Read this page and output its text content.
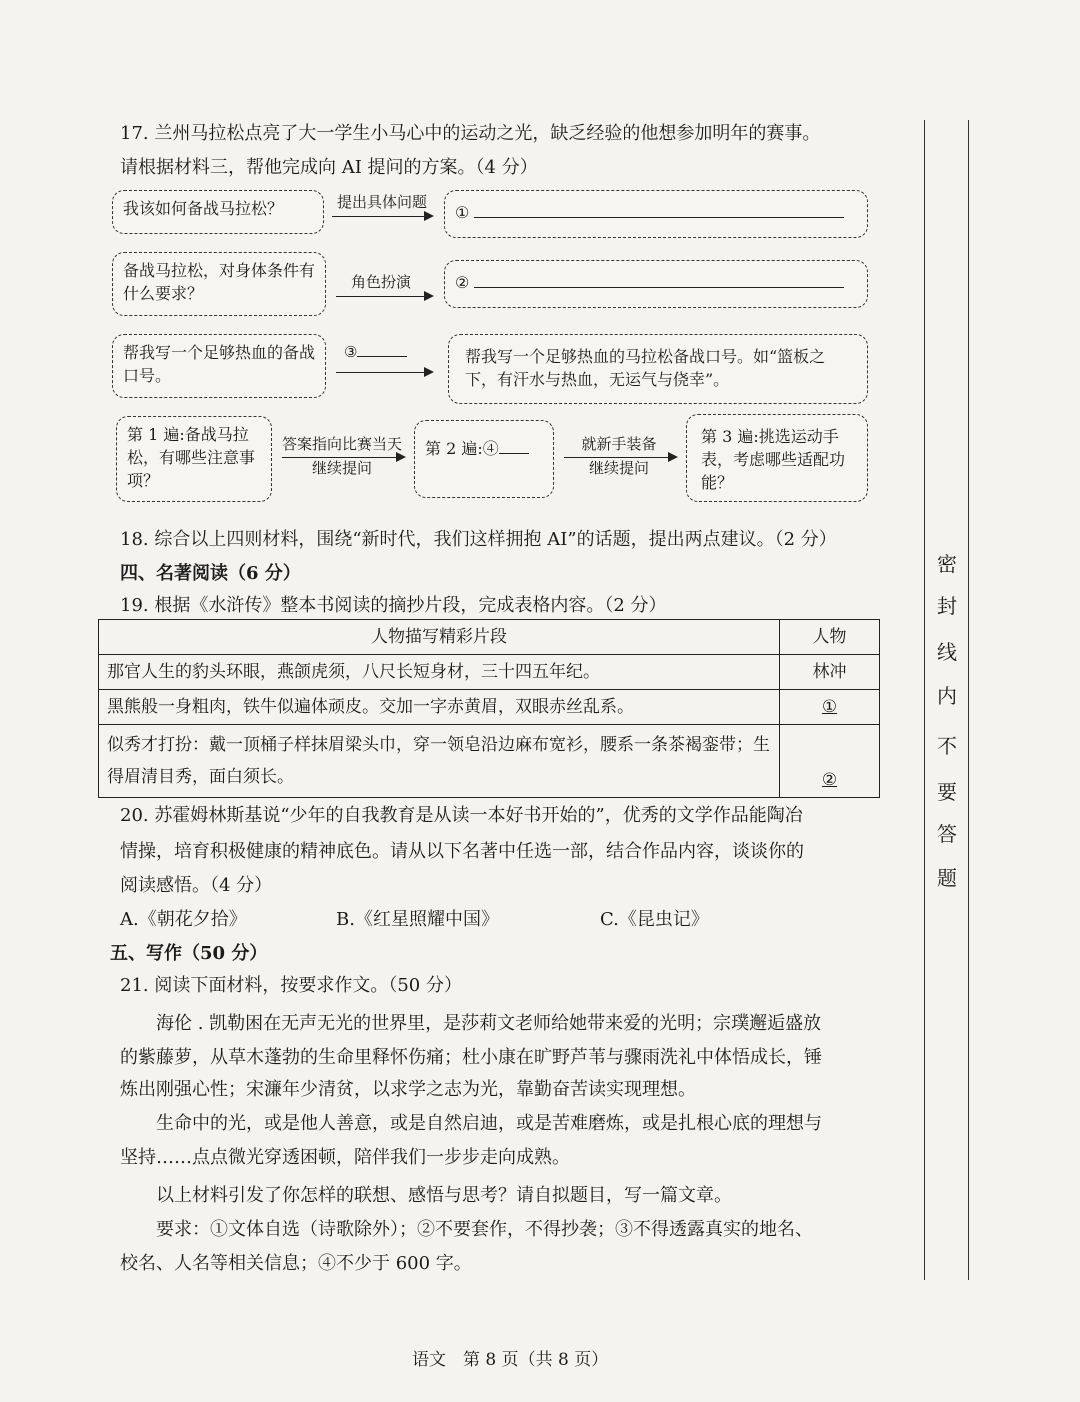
17. 兰州马拉松点亮了大一学生小马心中的运动之光，缺乏经验的他想参加明年的赛事。
请根据材料三，帮他完成向 AI 提问的方案。（4 分）
我该如何备战马拉松？	提出具体问题
①
备战马拉松，对身体条件有什么要求？
角色扮演	②
帮我写一个足够热血的备战口号。
③	帮我写一个足够热血的马拉松备战口号。如“篮板之下，有汗水与热血，无运气与侥幸”。
第 1 遍:备战马拉松，有哪些注意事项？
答案指向比赛当天
继续提问
第 2 遍:④	就新手装备
继续提问
第 3 遍:挑选运动手表，考虑哪些适配功能？
18. 综合以上四则材料，围绕“新时代，我们这样拥抱 AI”的话题，提出两点建议。（2 分）
四、名著阅读（6 分）
19. 根据《水浒传》整本书阅读的摘抄片段，完成表格内容。（2 分）
人物描写精彩片段	人物
那官人生的豹头环眼，燕颌虎须，八尺长短身材，三十四五年纪。	林冲
黑熊般一身粗肉，铁牛似遍体顽皮。交加一字赤黄眉，双眼赤丝乱系。	①
似秀才打扮：戴一顶桶子样抹眉梁头巾，穿一领皂沿边麻布宽衫，腰系一条茶褐銮带；生得眉清目秀，面白须长。	②
20. 苏霍姆林斯基说“少年的自我教育是从读一本好书开始的”，优秀的文学作品能陶冶
情操，培育积极健康的精神底色。请从以下名著中任选一部，结合作品内容，谈谈你的
阅读感悟。（4 分）
A.《朝花夕拾》	B.《红星照耀中国》	C.《昆虫记》
五、写作（50 分）
21. 阅读下面材料，按要求作文。（50 分）
海伦 . 凯勒困在无声无光的世界里，是莎莉文老师给她带来爱的光明；宗璞邂逅盛放
的紫藤萝，从草木蓬勃的生命里释怀伤痛；杜小康在旷野芦苇与骤雨洗礼中体悟成长，锤
炼出刚强心性；宋濂年少清贫，以求学之志为光，靠勤奋苦读实现理想。
生命中的光，或是他人善意，或是自然启迪，或是苦难磨炼，或是扎根心底的理想与
坚持……点点微光穿透困顿，陪伴我们一步步走向成熟。
以上材料引发了你怎样的联想、感悟与思考？请自拟题目，写一篇文章。
要求：①文体自选（诗歌除外）；②不要套作，不得抄袭；③不得透露真实的地名、
校名、人名等相关信息；④不少于 600 字。
语文　第 8 页（共 8 页）
密
封
线
内
不
要
答
题
